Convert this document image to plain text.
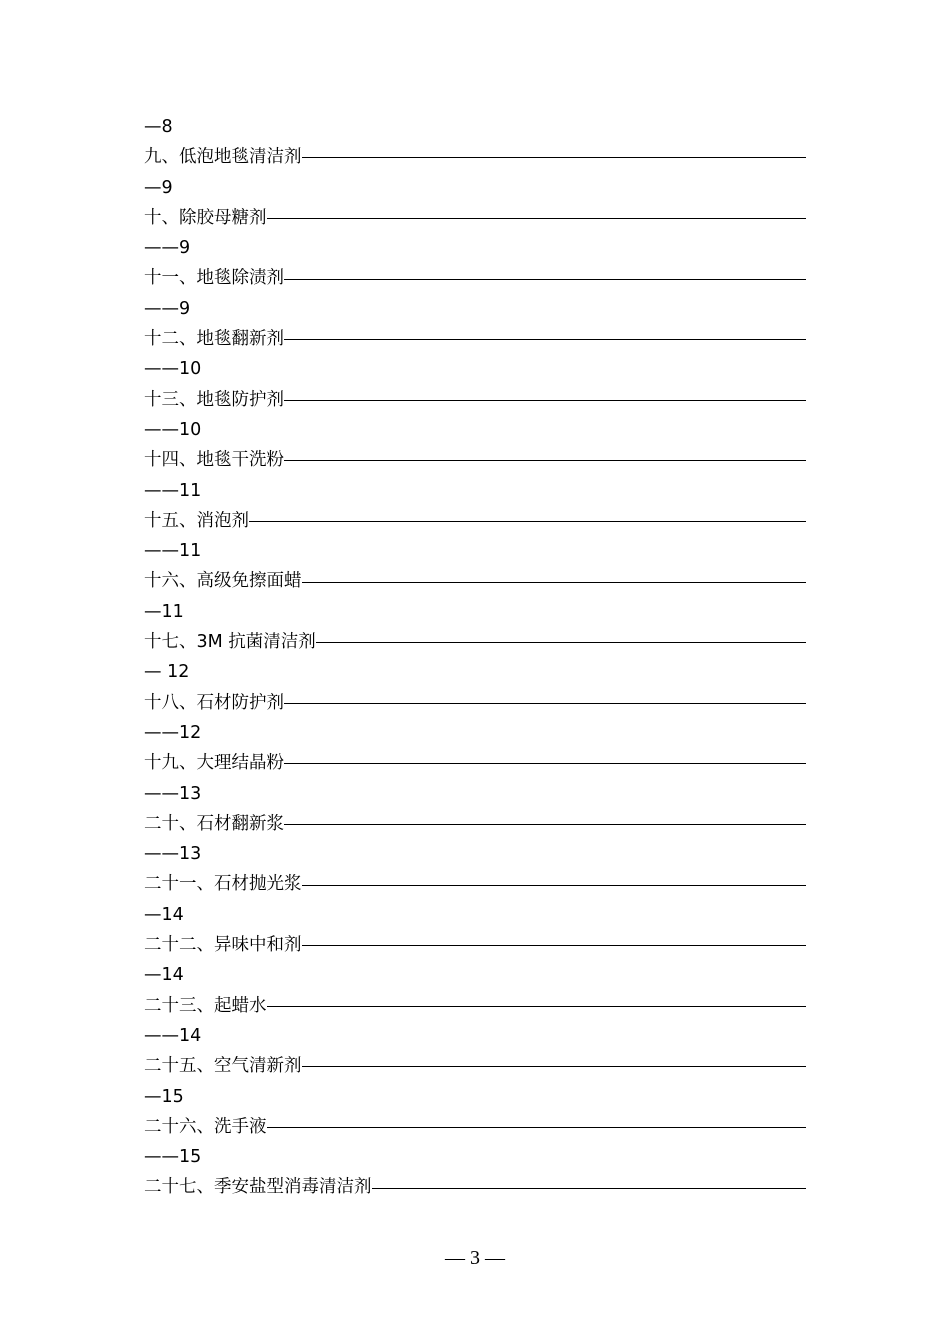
—8
九、低泡地毯清洁剂
—9
十、除胶母糖剂
——9
十一、地毯除渍剂
——9
十二、地毯翻新剂
——10
十三、地毯防护剂
——10
十四、地毯干洗粉
——11
十五、消泡剂
——11
十六、高级免擦面蜡
—11
十七、3M 抗菌清洁剂
— 12
十八、石材防护剂
——12
十九、大理结晶粉
——13
二十、石材翻新浆
——13
二十一、石材抛光浆
—14
二十二、异味中和剂
—14
二十三、起蜡水
——14
二十五、空气清新剂
—15
二十六、洗手液
——15
二十七、季安盐型消毒清洁剂
— 3 —
